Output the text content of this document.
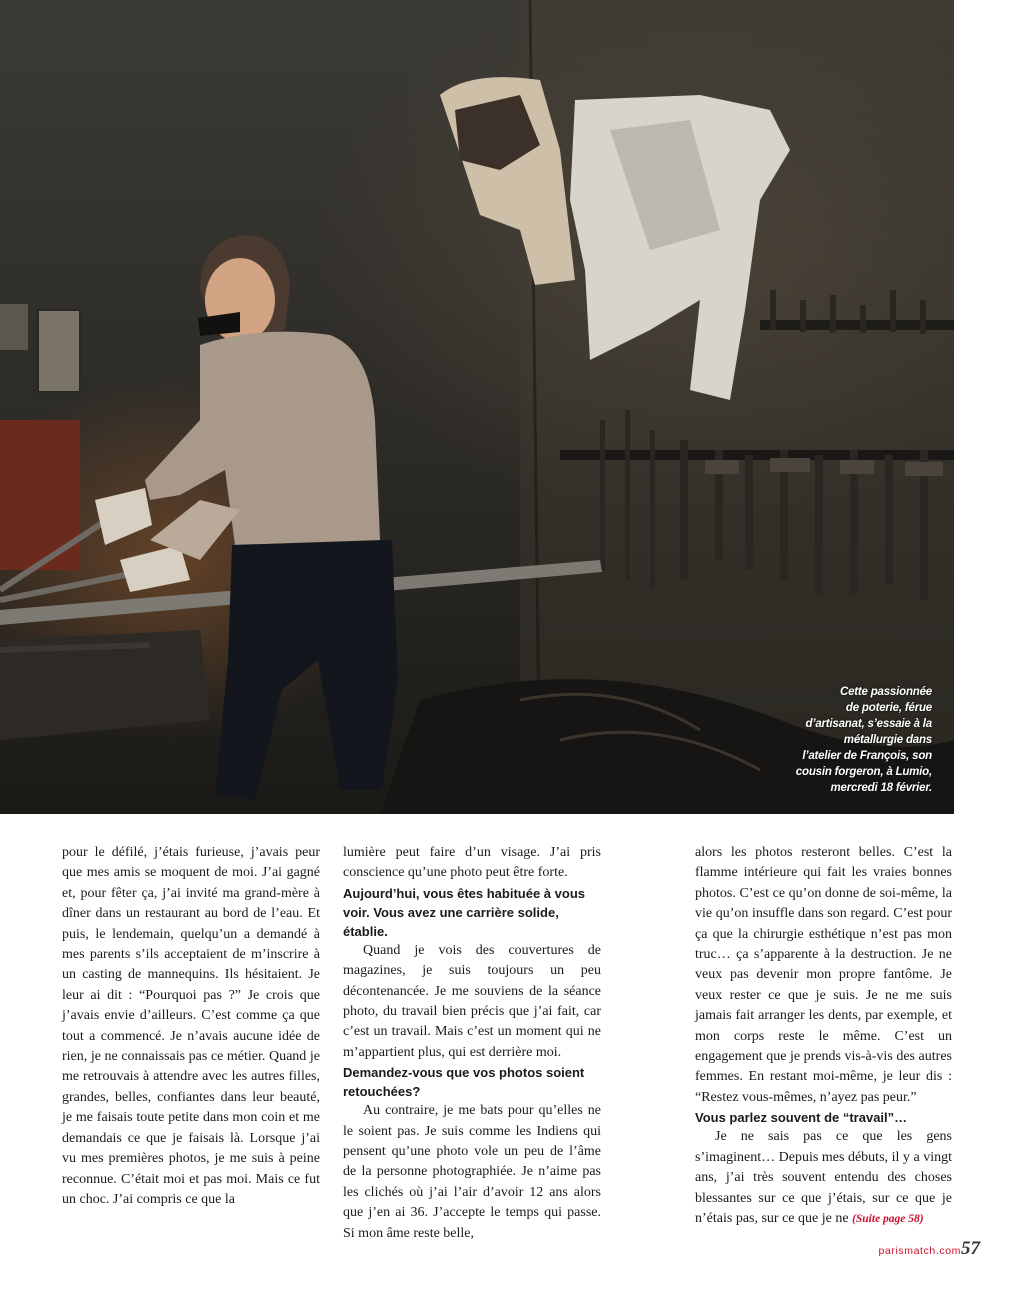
Cette passionnée
de poterie, férue
d’artisanat, s’essaie à la
métallurgie dans
l’atelier de François, son
cousin forgeron, à Lumio,
mercredi 18 février.

pour le défilé, j’étais furieuse, j’avais peur que mes amis se moquent de moi. J’ai gagné et, pour fêter ça, j’ai invité ma grand-mère à dîner dans un restaurant au bord de l’eau. Et puis, le lendemain, quelqu’un a demandé à mes parents s’ils acceptaient de m’inscrire à un casting de mannequins. Ils hésitaient. Je leur ai dit : “Pourquoi pas ?” Je crois que j’avais envie d’ailleurs. C’est comme ça que tout a commencé. Je n’avais aucune idée de rien, je ne connaissais pas ce métier. Quand je me retrouvais à attendre avec les autres filles, grandes, belles, confiantes dans leur beauté, je me faisais toute petite dans mon coin et me demandais ce que je faisais là. Lorsque j’ai vu mes premières photos, je me suis à peine reconnue. C’était moi et pas moi. Mais ce fut un choc. J’ai compris ce que la

lumière peut faire d’un visage. J’ai pris conscience qu’une photo peut être forte.

Aujourd’hui, vous êtes habituée à vous voir. Vous avez une carrière solide, établie.

Quand je vois des couvertures de magazines, je suis toujours un peu décontenancée. Je me souviens de la séance photo, du travail bien précis que j’ai fait, car c’est un travail. Mais c’est un moment qui ne m’appartient plus, qui est derrière moi.

Demandez-vous que vos photos soient retouchées?

Au contraire, je me bats pour qu’elles ne le soient pas. Je suis comme les Indiens qui pensent qu’une photo vole un peu de l’âme de la personne photographiée. Je n’aime pas les clichés où j’ai l’air d’avoir 12 ans alors que j’en ai 36. J’accepte le temps qui passe. Si mon âme reste belle,

alors les photos resteront belles. C’est la flamme intérieure qui fait les vraies bonnes photos. C’est ce qu’on donne de soi-même, la vie qu’on insuffle dans son regard. C’est pour ça que la chirurgie esthétique n’est pas mon truc… ça s’apparente à la destruction. Je ne veux pas devenir mon propre fantôme. Je veux rester ce que je suis. Je ne me suis jamais fait arranger les dents, par exemple, et mon corps reste le même. C’est un engagement que je prends vis-à-vis des autres femmes. En restant moi-même, je leur dis : “Restez vous-mêmes, n’ayez pas peur.”

Vous parlez souvent de “travail”…

Je ne sais pas ce que les gens s’imaginent… Depuis mes débuts, il y a vingt ans, j’ai très souvent entendu des choses blessantes sur ce que j’étais, sur ce que je n’étais pas, sur ce que je ne (Suite page 58)

parismatch.com57
